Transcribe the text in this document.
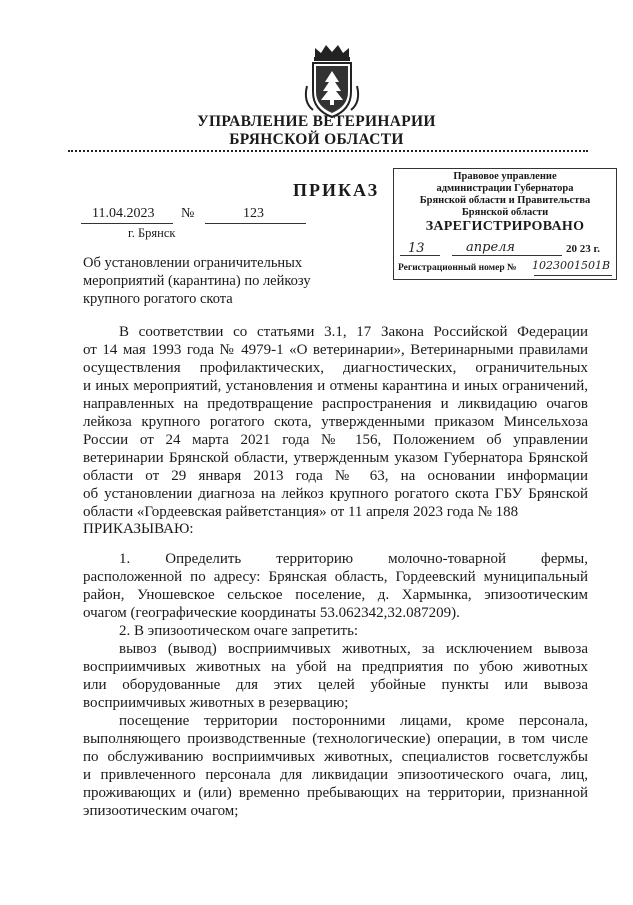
УПРАВЛЕНИЕ ВЕТЕРИНАРИИ
БРЯНСКОЙ ОБЛАСТИ
ПРИКАЗ
11.04.2023 №	123
г. Брянск
Об установлении ограничительных
мероприятий (карантина) по лейкозу
крупного рогатого скота
Правовое управление
администрации Губернатора
Брянской области и Правительства
Брянской области
ЗАРЕГИСТРИРОВАНО
13	апреля	20 23 г.
Регистрационный номер № 1023001501В
В соответствии со статьями 3.1, 17 Закона Российской Федерации
от 14 мая 1993 года № 4979-1 «О ветеринарии», Ветеринарными правилами
осуществления профилактических, диагностических, ограничительных
и иных мероприятий, установления и отмены карантина и иных ограничений,
направленных на предотвращение распространения и ликвидацию очагов
лейкоза крупного рогатого скота, утвержденными приказом Минсельхоза
России от 24 марта 2021 года № 156, Положением об управлении
ветеринарии Брянской области, утвержденным указом Губернатора Брянской
области от 29 января 2013 года № 63, на основании информации
об установлении диагноза на лейкоз крупного рогатого скота ГБУ Брянской
области «Гордеевская райветстанция» от 11 апреля 2023 года № 188
ПРИКАЗЫВАЮ:
1. Определить территорию молочно-товарной фермы,
расположенной по адресу: Брянская область, Гордеевский муниципальный
район, Уношевское сельское поселение, д. Хармынка, эпизоотическим
очагом (географические координаты 53.062342,32.087209).
2. В эпизоотическом очаге запретить:
вывоз (вывод) восприимчивых животных, за исключением вывоза
восприимчивых животных на убой на предприятия по убою животных
или оборудованные для этих целей убойные пункты или вывоза
восприимчивых животных в резервацию;
посещение территории посторонними лицами, кроме персонала,
выполняющего производственные (технологические) операции, в том числе
по обслуживанию восприимчивых животных, специалистов госветслужбы
и привлеченного персонала для ликвидации эпизоотического очага, лиц,
проживающих и (или) временно пребывающих на территории, признанной
эпизоотическим очагом;
